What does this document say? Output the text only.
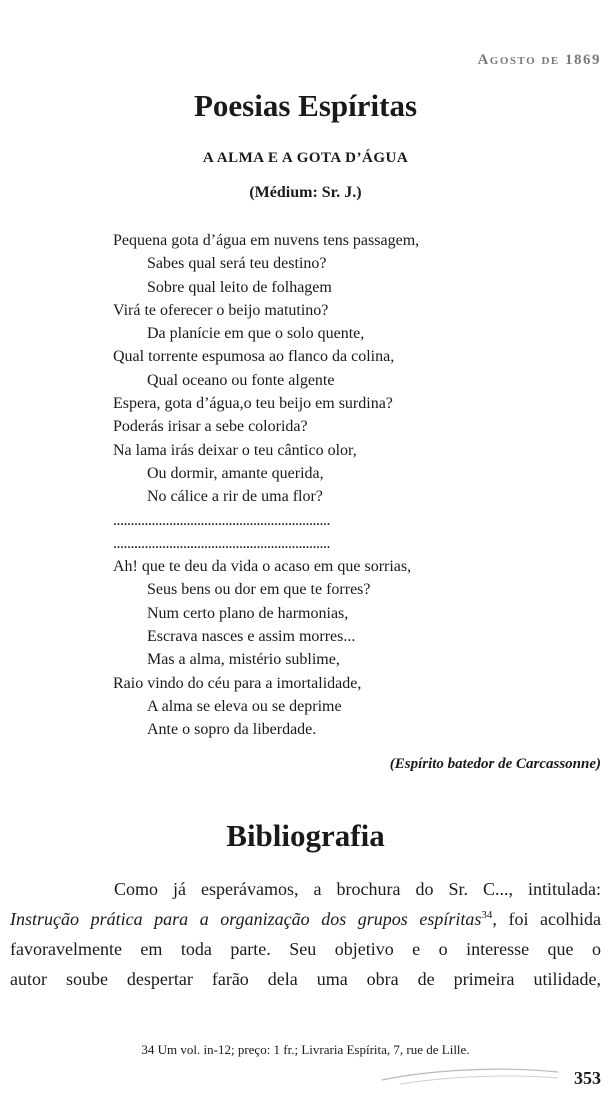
Agosto de 1869
Poesias Espíritas
A ALMA E A GOTA D’ÁGUA
(Médium: Sr. J.)
Pequena gota d’água em nuvens tens passagem,
Sabes qual será teu destino?
Sobre qual leito de folhagem
Virá te oferecer o beijo matutino?
Da planície em que o solo quente,
Qual torrente espumosa ao flanco da colina,
Qual oceano ou fonte algente
Espera, gota d’água,o teu beijo em surdina?
Poderás irisar a sebe colorida?
Na lama irás deixar o teu cântico olor,
Ou dormir, amante querida,
No cálice a rir de uma flor?
..............................................................
..............................................................
Ah! que te deu da vida o acaso em que sorrias,
Seus bens ou dor em que te forres?
Num certo plano de harmonias,
Escrava nasces e assim morres...
Mas a alma, mistério sublime,
Raio vindo do céu para a imortalidade,
A alma se eleva ou se deprime
Ante o sopro da liberdade.
(Espírito batedor de Carcassonne)
Bibliografia
Como já esperávamos, a brochura do Sr. C..., intitulada:
Instrução prática para a organização dos grupos espíritas$^{34}$, foi acolhida
favoravelmente em toda parte. Seu objetivo e o interesse que o
autor soube despertar farão dela uma obra de primeira utilidade,
34 Um vol. in-12; preço: 1 fr.; Livraria Espírita, 7, rue de Lille.
353
